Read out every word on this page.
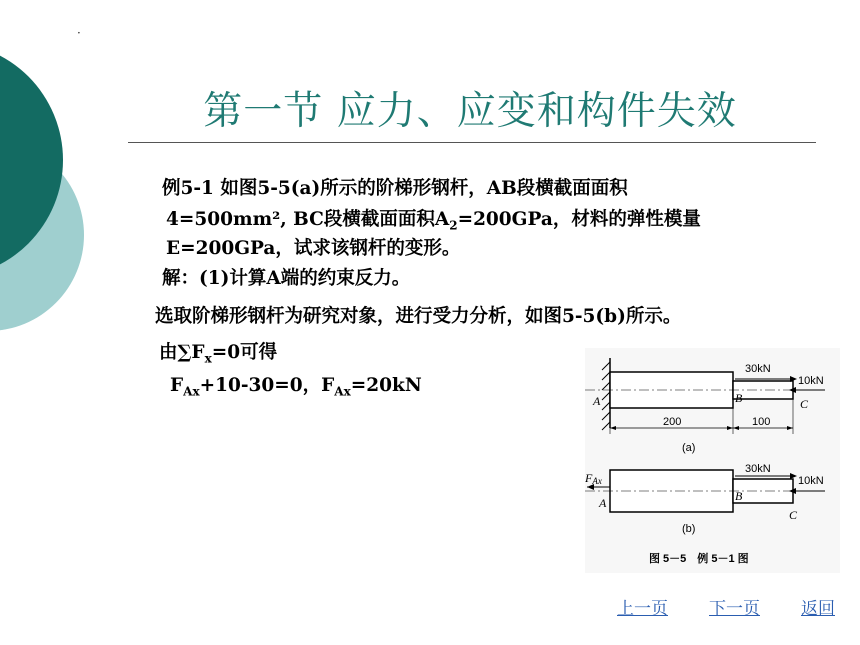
·
第一节 应力、应变和构件失效
例5-1 如图5-5(a)所示的阶梯形钢杆，AB段横截面面积
4=500mm², BC段横截面面积$A_2=200GPa$，材料的弹性模量
E=200GPa，试求该钢杆的变形。
解：(1)计算A端的约束反力。
选取阶梯形钢杆为研究对象，进行受力分析，如图5-5(b)所示。
由$\sum F_x=0$可得
$F_{Ax}+10-30=0$，$F_{Ax}=20kN$
30kN
10kN
A	B	C
200	100
(a)
FAx
30kN
10kN
A	B
C
(b)
图 5－5　例 5－1 图
上一页 下一页 返回
